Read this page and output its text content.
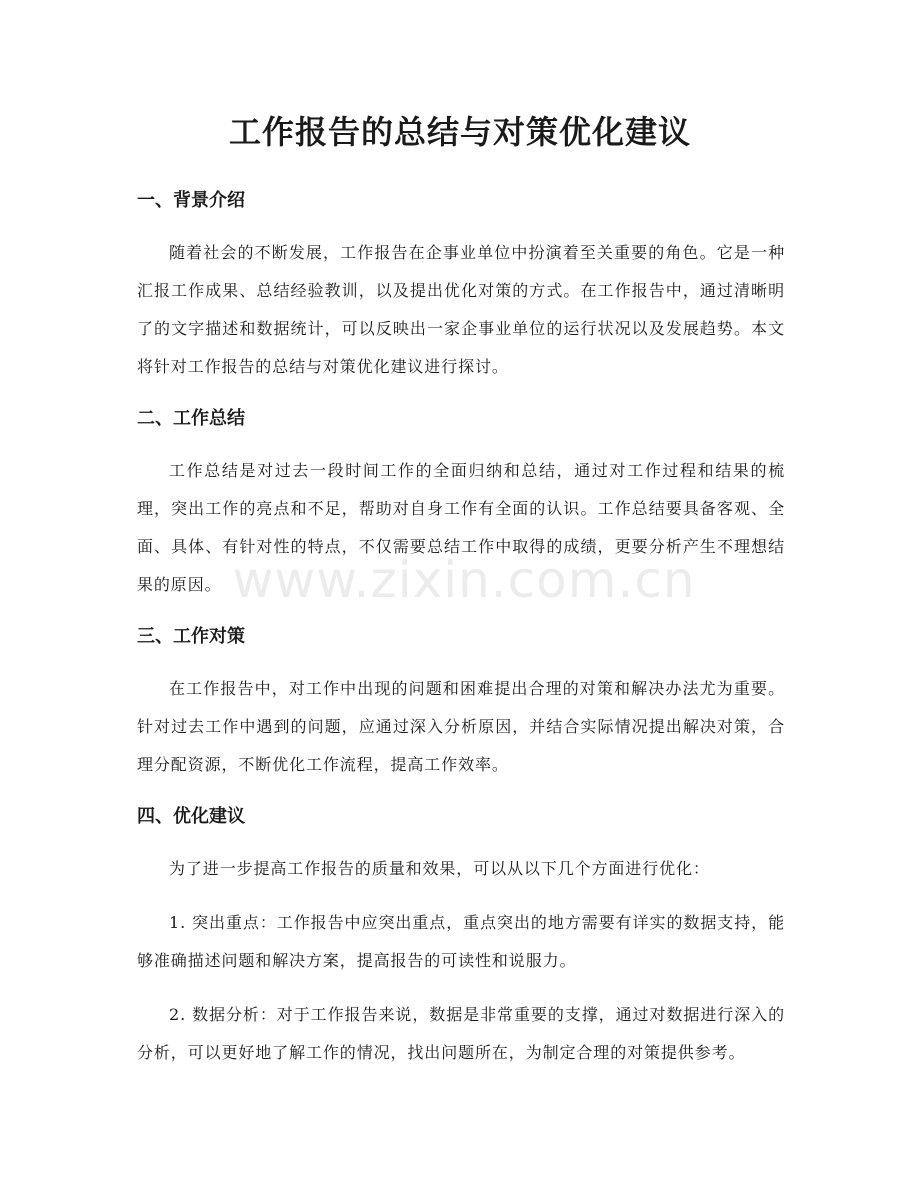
工作报告的总结与对策优化建议
一、背景介绍

随着社会的不断发展，工作报告在企事业单位中扮演着至关重要的角色。它是一种汇报工作成果、总结经验教训，以及提出优化对策的方式。在工作报告中，通过清晰明了的文字描述和数据统计，可以反映出一家企事业单位的运行状况以及发展趋势。本文将针对工作报告的总结与对策优化建议进行探讨。

二、工作总结

工作总结是对过去一段时间工作的全面归纳和总结，通过对工作过程和结果的梳理，突出工作的亮点和不足，帮助对自身工作有全面的认识。工作总结要具备客观、全面、具体、有针对性的特点，不仅需要总结工作中取得的成绩，更要分析产生不理想结果的原因。

三、工作对策

在工作报告中，对工作中出现的问题和困难提出合理的对策和解决办法尤为重要。针对过去工作中遇到的问题，应通过深入分析原因，并结合实际情况提出解决对策，合理分配资源，不断优化工作流程，提高工作效率。

四、优化建议

为了进一步提高工作报告的质量和效果，可以从以下几个方面进行优化：

1. 突出重点：工作报告中应突出重点，重点突出的地方需要有详实的数据支持，能够准确描述问题和解决方案，提高报告的可读性和说服力。

2. 数据分析：对于工作报告来说，数据是非常重要的支撑，通过对数据进行深入的分析，可以更好地了解工作的情况，找出问题所在，为制定合理的对策提供参考。

www.zixin.com.cn
